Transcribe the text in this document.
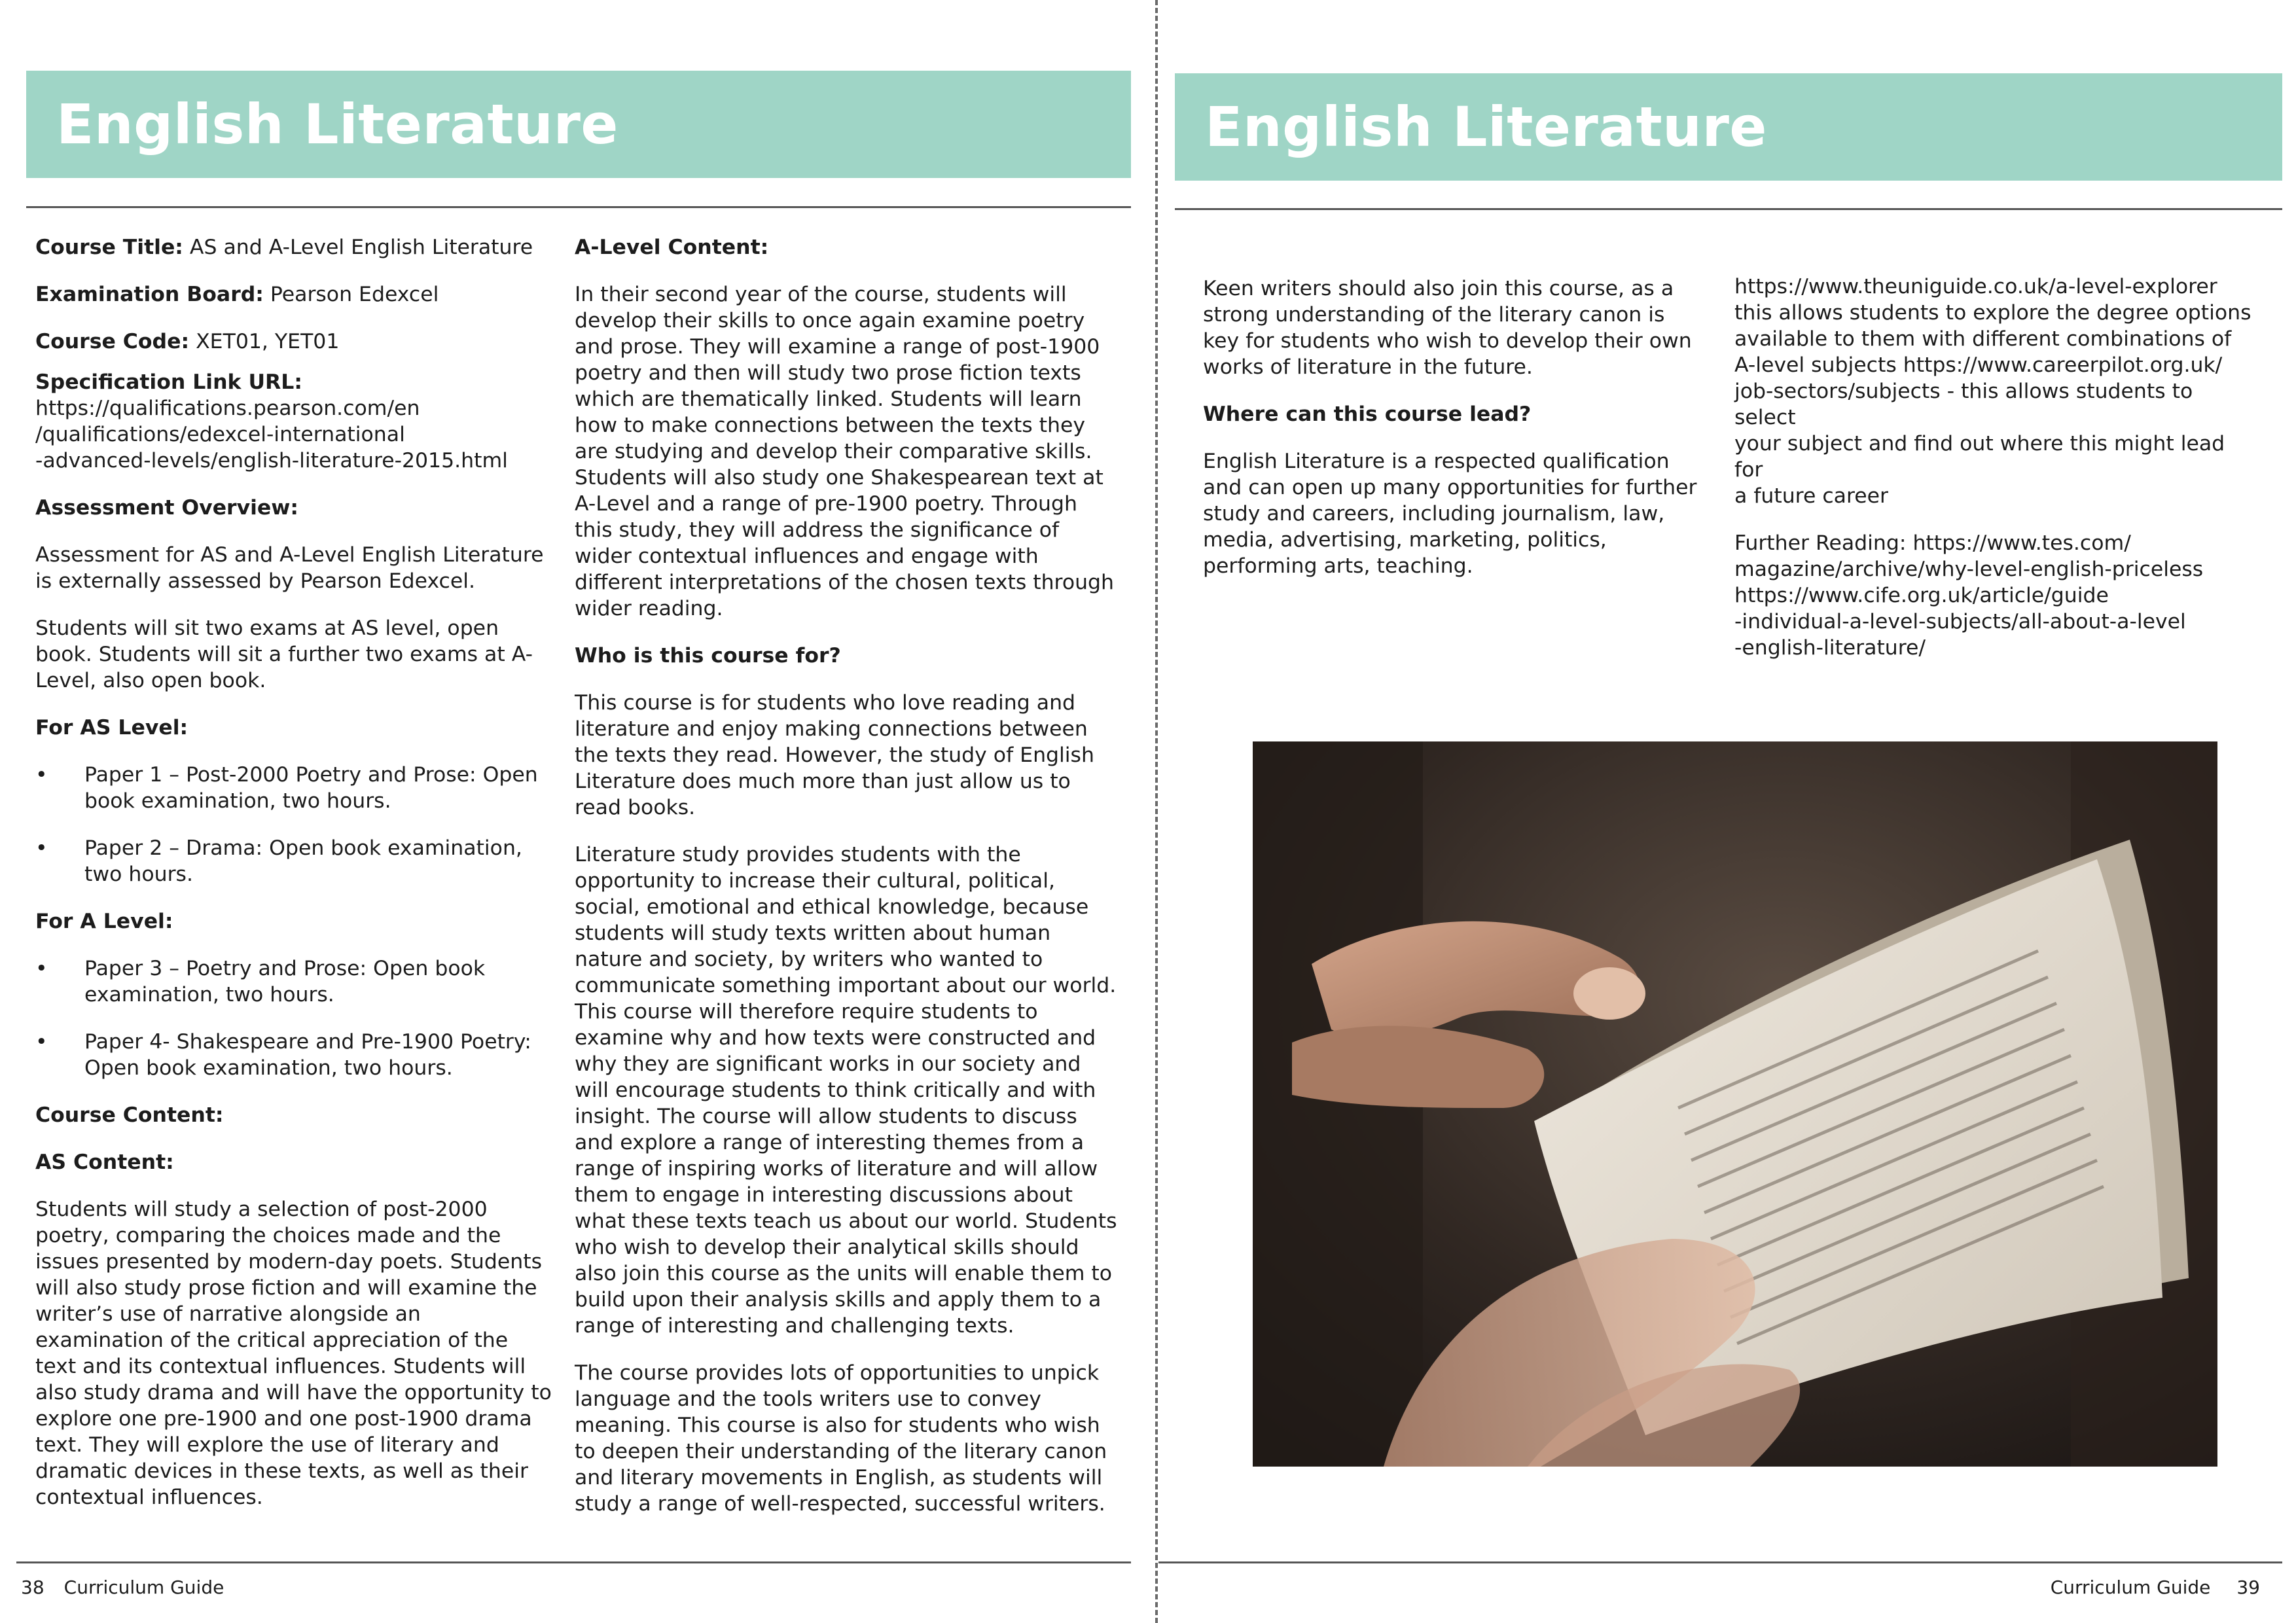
English Literature

Course Title: AS and A-Level English Literature

Examination Board: Pearson Edexcel

Course Code: XET01, YET01

Specification Link URL:
https://qualifications.pearson.com/en
/qualifications/edexcel-international
-advanced-levels/english-literature-2015.html

Assessment Overview:

Assessment for AS and A-Level English Literature is externally assessed by Pearson Edexcel.

Students will sit two exams at AS level, open book. Students will sit a further two exams at A-Level, also open book.

For AS Level:
• Paper 1 – Post-2000 Poetry and Prose: Open book examination, two hours.
• Paper 2 – Drama: Open book examination, two hours.
For A Level:
• Paper 3 – Poetry and Prose: Open book examination, two hours.
• Paper 4- Shakespeare and Pre-1900 Poetry: Open book examination, two hours.
Course Content:
AS Content:

Students will study a selection of post-2000 poetry, comparing the choices made and the issues presented by modern-day poets. Students will also study prose fiction and will examine the writer’s use of narrative alongside an examination of the critical appreciation of the text and its contextual influences. Students will also study drama and will have the opportunity to explore one pre-1900 and one post-1900 drama text. They will explore the use of literary and dramatic devices in these texts, as well as their contextual influences.

A-Level Content:

In their second year of the course, students will develop their skills to once again examine poetry and prose. They will examine a range of post-1900 poetry and then will study two prose fiction texts which are thematically linked. Students will learn how to make connections between the texts they are studying and develop their comparative skills. Students will also study one Shakespearean text at A-Level and a range of pre-1900 poetry. Through this study, they will address the significance of wider contextual influences and engage with different interpretations of the chosen texts through wider reading.

Who is this course for?

This course is for students who love reading and literature and enjoy making connections between the texts they read. However, the study of English Literature does much more than just allow us to read books.

Literature study provides students with the opportunity to increase their cultural, political, social, emotional and ethical knowledge, because students will study texts written about human nature and society, by writers who wanted to communicate something important about our world. This course will therefore require students to examine why and how texts were constructed and why they are significant works in our society and will encourage students to think critically and with insight. The course will allow students to discuss and explore a range of interesting themes from a range of inspiring works of literature and will allow them to engage in interesting discussions about what these texts teach us about our world. Students who wish to develop their analytical skills should also join this course as the units will enable them to build upon their analysis skills and apply them to a range of interesting and challenging texts.

The course provides lots of opportunities to unpick language and the tools writers use to convey meaning. This course is also for students who wish to deepen their understanding of the literary canon and literary movements in English, as students will study a range of well-respected, successful writers.

38 Curriculum Guide
English Literature

Keen writers should also join this course, as a strong understanding of the literary canon is key for students who wish to develop their own works of literature in the future.

Where can this course lead?

English Literature is a respected qualification and can open up many opportunities for further study and careers, including journalism, law, media, advertising, marketing, politics, performing arts, teaching.

https://www.theuniguide.co.uk/a-level-explorer
this allows students to explore the degree options
available to them with different combinations of
A-level subjects https://www.careerpilot.org.uk/
job-sectors/subjects - this allows students to select
your subject and find out where this might lead for
a future career

Further Reading: https://www.tes.com/
magazine/archive/why-level-english-priceless
https://www.cife.org.uk/article/guide
-individual-a-level-subjects/all-about-a-level
-english-literature/

Curriculum Guide 39
